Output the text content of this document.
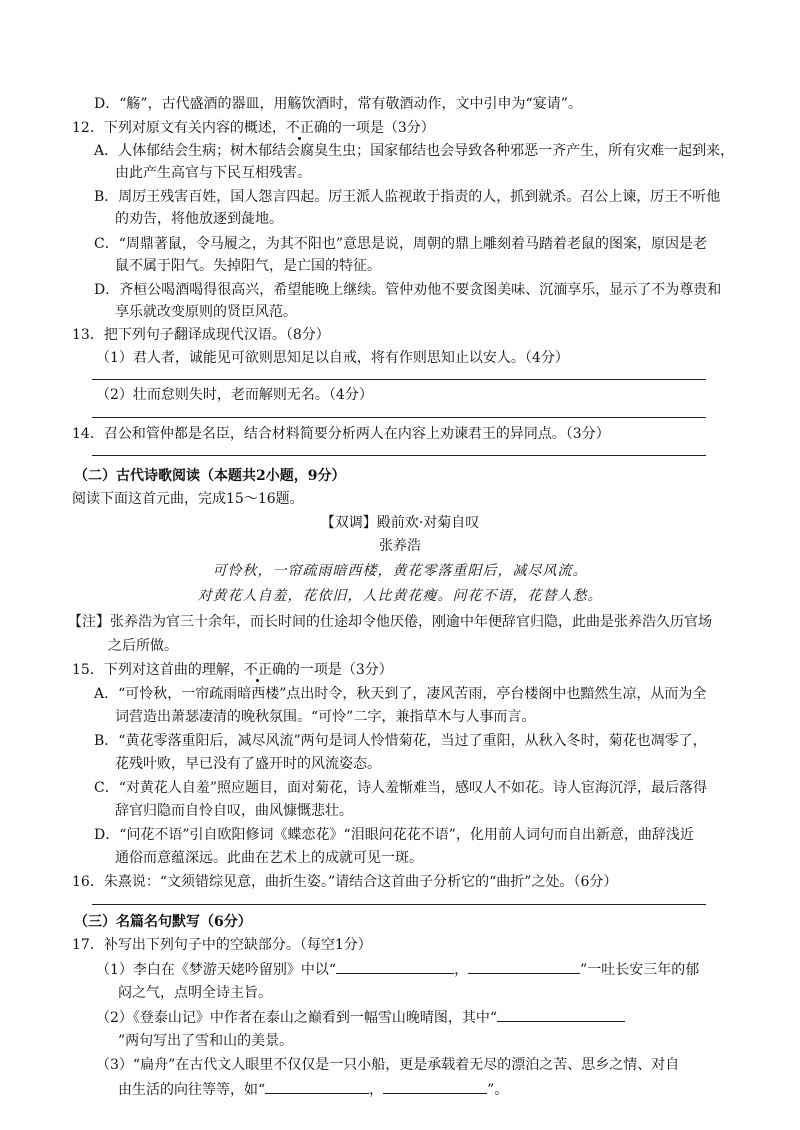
D．“觞”，古代盛酒的器皿，用觞饮酒时，常有敬酒动作，文中引申为“宴请”。
12．下列对原文有关内容的概述，不正确的一项是（3分）
A．人体郁结会生病；树木郁结会腐臭生虫；国家郁结也会导致各种邪恶一齐产生，所有灾难一起到来，
由此产生高官与下民互相残害。
B．周厉王残害百姓，国人怨言四起。厉王派人监视敢于指责的人，抓到就杀。召公上谏，厉王不听他
的劝告，将他放逐到彘地。
C．“周鼎著鼠，令马履之，为其不阳也”意思是说，周朝的鼎上雕刻着马踏着老鼠的图案，原因是老
鼠不属于阳气。失掉阳气，是亡国的特征。
D．齐桓公喝酒喝得很高兴，希望能晚上继续。管仲劝他不要贪图美味、沉湎享乐，显示了不为尊贵和
享乐就改变原则的贤臣风范。
13．把下列句子翻译成现代汉语。（8分）
（1）君人者，诚能见可欲则思知足以自戒，将有作则思知止以安人。（4分）
（2）壮而怠则失时，老而解则无名。（4分）
14．召公和管仲都是名臣，结合材料简要分析两人在内容上劝谏君王的异同点。（3分）
（二）古代诗歌阅读（本题共2小题，9分）
阅读下面这首元曲，完成15～16题。
【双调】殿前欢·对菊自叹
张养浩
可怜秋，一帘疏雨暗西楼，黄花零落重阳后，减尽风流。
对黄花人自羞，花依旧，人比黄花瘦。问花不语，花替人愁。
【注】张养浩为官三十余年，而长时间的仕途却令他厌倦，刚逾中年便辞官归隐，此曲是张养浩久历官场
之后所做。
15．下列对这首曲的理解，不正确的一项是（3分）
A．“可怜秋，一帘疏雨暗西楼”点出时令，秋天到了，凄风苦雨，亭台楼阁中也黯然生凉，从而为全
词营造出萧瑟凄清的晚秋氛围。“可怜”二字，兼指草木与人事而言。
B．“黄花零落重阳后，减尽风流”两句是词人怜惜菊花，当过了重阳，从秋入冬时，菊花也凋零了，
花残叶败，早已没有了盛开时的风流姿态。
C．“对黄花人自羞”照应题目，面对菊花，诗人羞惭难当，感叹人不如花。诗人宦海沉浮，最后落得
辞官归隐而自怜自叹，曲风慷慨悲壮。
D．“问花不语”引自欧阳修词《蝶恋花》“泪眼问花花不语”，化用前人词句而自出新意，曲辞浅近
通俗而意蕴深远。此曲在艺术上的成就可见一斑。
16．朱熹说：“文须错综见意，曲折生姿。”请结合这首曲子分析它的“曲折”之处。（6分）
（三）名篇名句默写（6分）
17．补写出下列句子中的空缺部分。（每空1分）
（1）李白在《梦游天姥吟留别》中以“	，	”一吐长安三年的郁
闷之气，点明全诗主旨。
（2）《登泰山记》中作者在泰山之巅看到一幅雪山晚晴图，其中“
”两句写出了雪和山的美景。
（3）“扁舟”在古代文人眼里不仅仅是一只小船，更是承载着无尽的漂泊之苦、思乡之情、对自
由生活的向往等等，如“	，	”。
